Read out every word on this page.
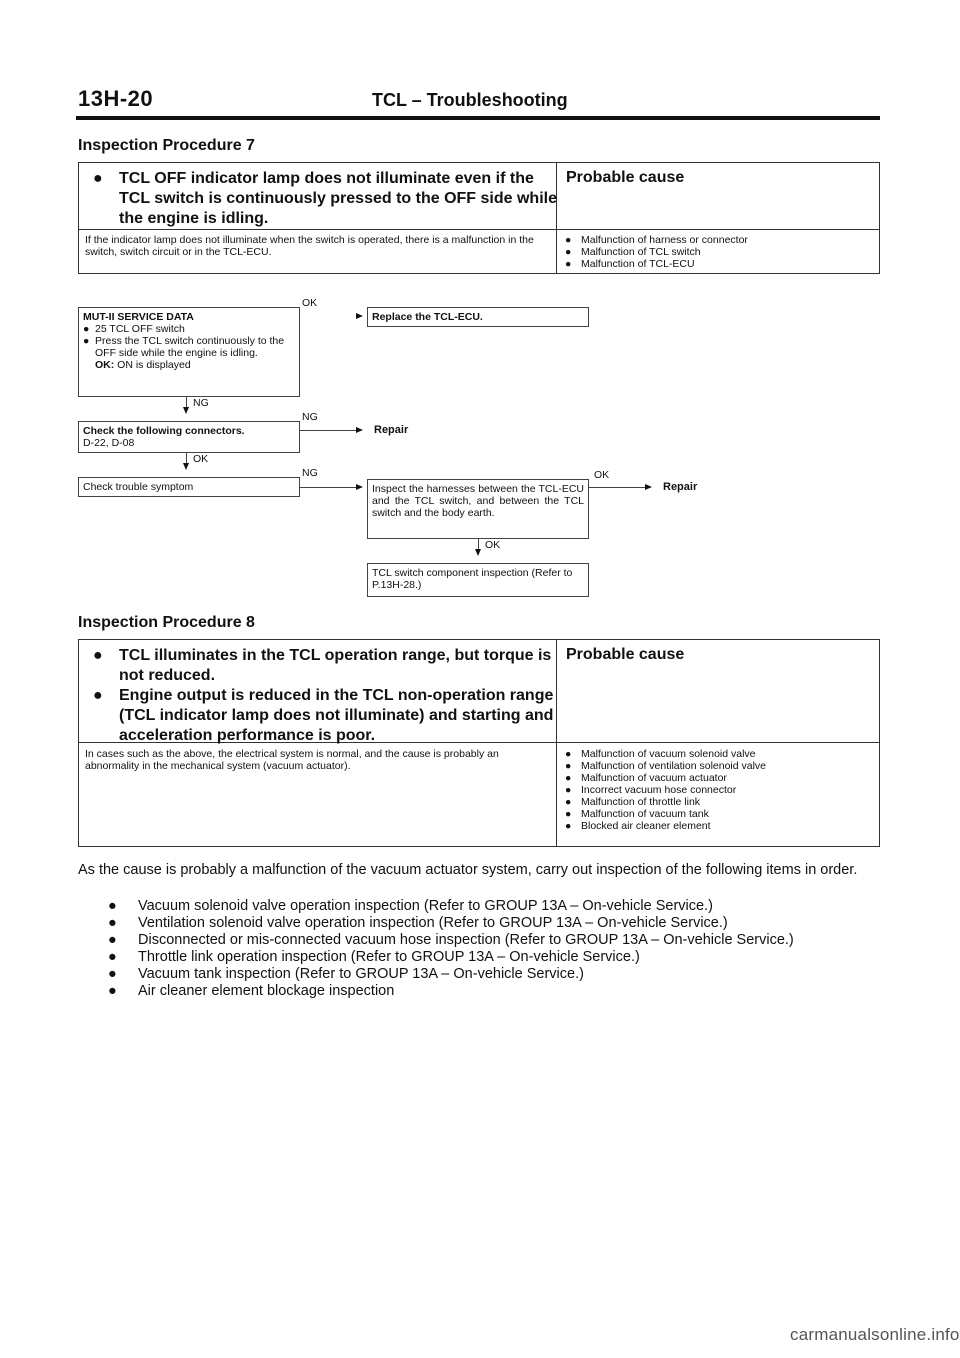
13H-20	TCL – Troubleshooting
Inspection Procedure 7
● TCL OFF indicator lamp does not illuminate even if the TCL switch is continuously pressed to the OFF side while the engine is idling.
Probable cause
If the indicator lamp does not illuminate when the switch is operated, there is a malfunction in the switch, switch circuit or in the TCL-ECU.
● Malfunction of harness or connector
● Malfunction of TCL switch
● Malfunction of TCL-ECU
MUT-II SERVICE DATA
● 25 TCL OFF switch
● Press the TCL switch continuously to the OFF side while the engine is idling.
OK: ON is displayed
OK
Replace the TCL-ECU.
NG
Check the following connectors.
D-22, D-08
NG
Repair
OK
Check trouble symptom
NG
Inspect the harnesses between the TCL-ECU and the TCL switch, and between the TCL switch and the body earth.
OK
Repair
OK
TCL switch component inspection (Refer to P.13H-28.)
Inspection Procedure 8
● TCL illuminates in the TCL operation range, but torque is not reduced.
● Engine output is reduced in the TCL non-operation range (TCL indicator lamp does not illuminate) and starting and acceleration performance is poor.
Probable cause
In cases such as the above, the electrical system is normal, and the cause is probably an abnormality in the mechanical system (vacuum actuator).
● Malfunction of vacuum solenoid valve
● Malfunction of ventilation solenoid valve
● Malfunction of vacuum actuator
● Incorrect vacuum hose connector
● Malfunction of throttle link
● Malfunction of vacuum tank
● Blocked air cleaner element
As the cause is probably a malfunction of the vacuum actuator system, carry out inspection of the following items in order.
● Vacuum solenoid valve operation inspection (Refer to GROUP 13A – On-vehicle Service.)
● Ventilation solenoid valve operation inspection (Refer to GROUP 13A – On-vehicle Service.)
● Disconnected or mis-connected vacuum hose inspection (Refer to GROUP 13A – On-vehicle Service.)
● Throttle link operation inspection (Refer to GROUP 13A – On-vehicle Service.)
● Vacuum tank inspection (Refer to GROUP 13A – On-vehicle Service.)
● Air cleaner element blockage inspection
carmanualsonline.info
